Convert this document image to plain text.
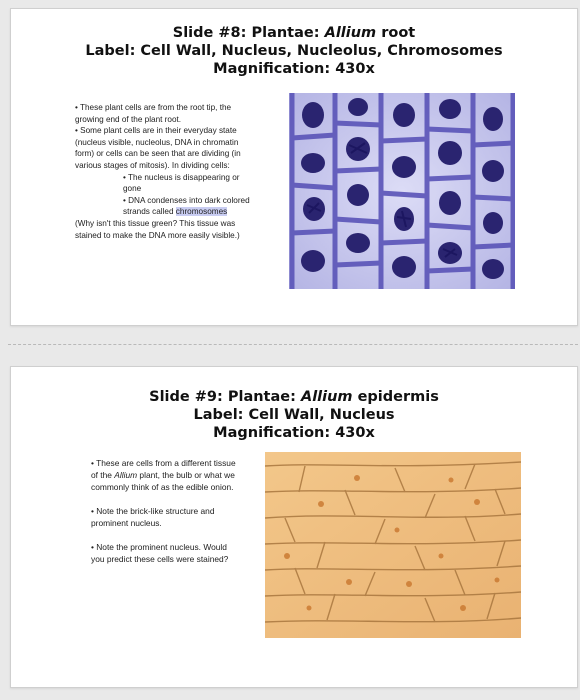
Slide #8: Plantae: Allium root
Label: Cell Wall, Nucleus, Nucleolus, Chromosomes
Magnification: 430x

• These plant cells are from the root tip, the growing end of the plant root.

• Some plant cells are in their everyday state (nucleus visible, nucleolus, DNA in chromatin form) or cells can be seen that are dividing (in various stages of mitosis). In dividing cells:

• The nucleus is disappearing or gone

• DNA condenses into dark colored strands called chromosomes

(Why isn't this tissue green? This tissue was stained to make the DNA more easily visible.)

Slide #9: Plantae: Allium epidermis
Label: Cell Wall, Nucleus
Magnification: 430x

• These are cells from a different tissue of the Allium plant, the bulb or what we commonly think of as the edible onion.

• Note the brick-like structure and prominent nucleus.

• Note the prominent nucleus. Would you predict these cells were stained?
